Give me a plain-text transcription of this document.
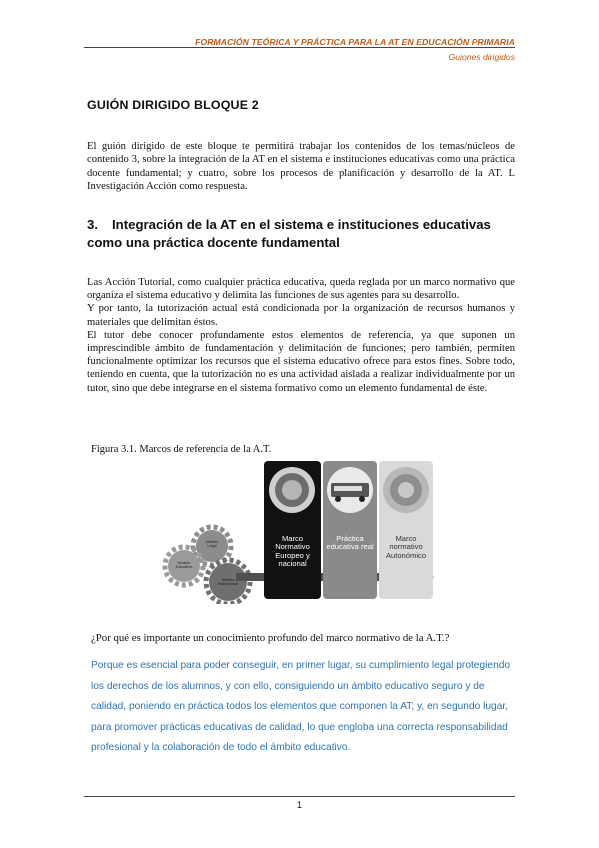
FORMACIÓN TEÓRICA Y PRÁCTICA PARA LA AT EN EDUCACIÓN PRIMARIA
Guiones dirigidos
GUIÓN DIRIGIDO BLOQUE 2

El guión dirigido de este bloque te permitirá trabajar los contenidos de los temas/núcleos de contenido 3, sobre la integración de la AT en el sistema e instituciones educativas como una práctica docente fundamental; y cuatro, sobre los procesos de planificación y desarrollo de la AT. L Investigación Acción como respuesta.

3. Integración de la AT en el sistema e instituciones educativas como una práctica docente fundamental

Las Acción Tutorial, como cualquier práctica educativa, queda reglada por un marco normativo que organiza el sistema educativo y delimita las funciones de sus agentes para su desarrollo.

Y por tanto, la tutorización actual está condicionada por la organización de recursos humanos y materiales que delimitan éstos.

El tutor debe conocer profundamente estos elementos de referencia, ya que suponen un imprescindible ámbito de fundamentación y delimitación de funciones; pero también, permiten funcionalmente optimizar los recursos que el sistema educativo ofrece para estos fines. Sobre todo, teniendo en cuenta, que la tutorización no es una actividad aislada a realizar individualmente por un tutor, sino que debe integrarse en el sistema formativo como un elemento fundamental de éste.

Figura 3.1. Marcos de referencia de la A.T.
Marco Normativo Europeo y nacional
Práctica educativa real
Marco normativo Autonómico
Modelo Legal
Modelo Educativo
Modelo Institucional
¿Por qué es importante un conocimiento profundo del marco normativo de la A.T.?

Porque es esencial para poder conseguir, en primer lugar, su cumplimiento legal protegiendo los derechos de los alumnos, y con ello, consiguiendo un ámbito educativo seguro y de calidad, poniendo en práctica todos los elementos que componen la AT; y, en segundo lugar, para promover prácticas educativas de calidad, lo que engloba una correcta responsabilidad profesional y la colaboración de todo el ámbito educativo.

1
